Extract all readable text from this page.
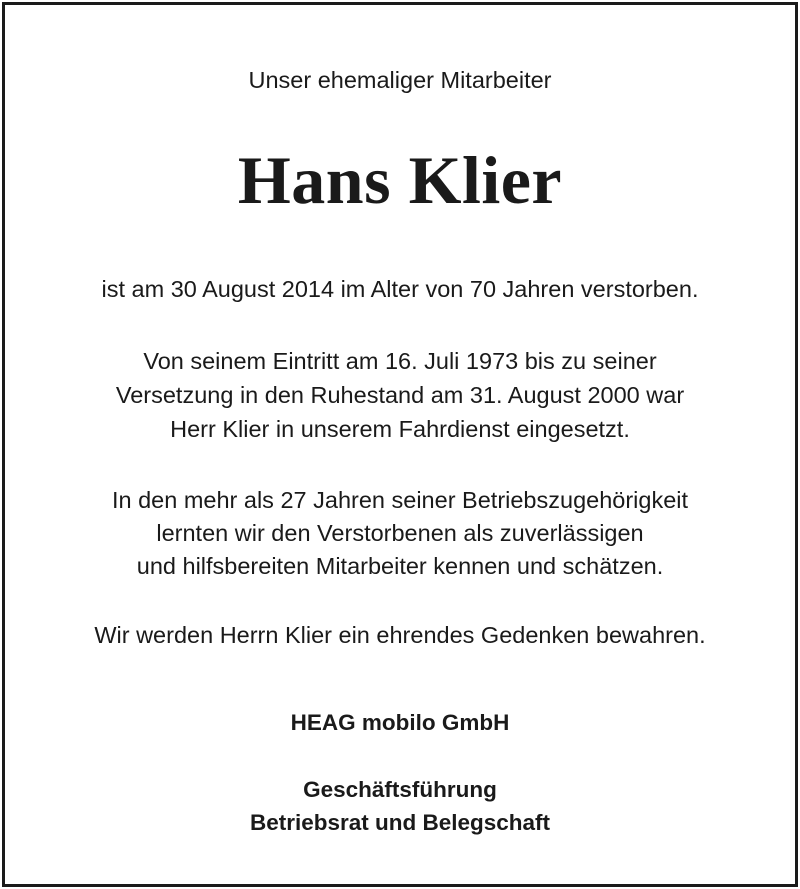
Unser ehemaliger Mitarbeiter
Hans Klier
ist am 30 August 2014 im Alter von 70 Jahren verstorben.
Von seinem Eintritt am 16. Juli 1973 bis zu seiner
Versetzung in den Ruhestand am 31. August 2000 war
Herr Klier in unserem Fahrdienst eingesetzt.
In den mehr als 27 Jahren seiner Betriebszugehörigkeit
lernten wir den Verstorbenen als zuverlässigen
und hilfsbereiten Mitarbeiter kennen und schätzen.
Wir werden Herrn Klier ein ehrendes Gedenken bewahren.
HEAG mobilo GmbH
Geschäftsführung
Betriebsrat und Belegschaft
